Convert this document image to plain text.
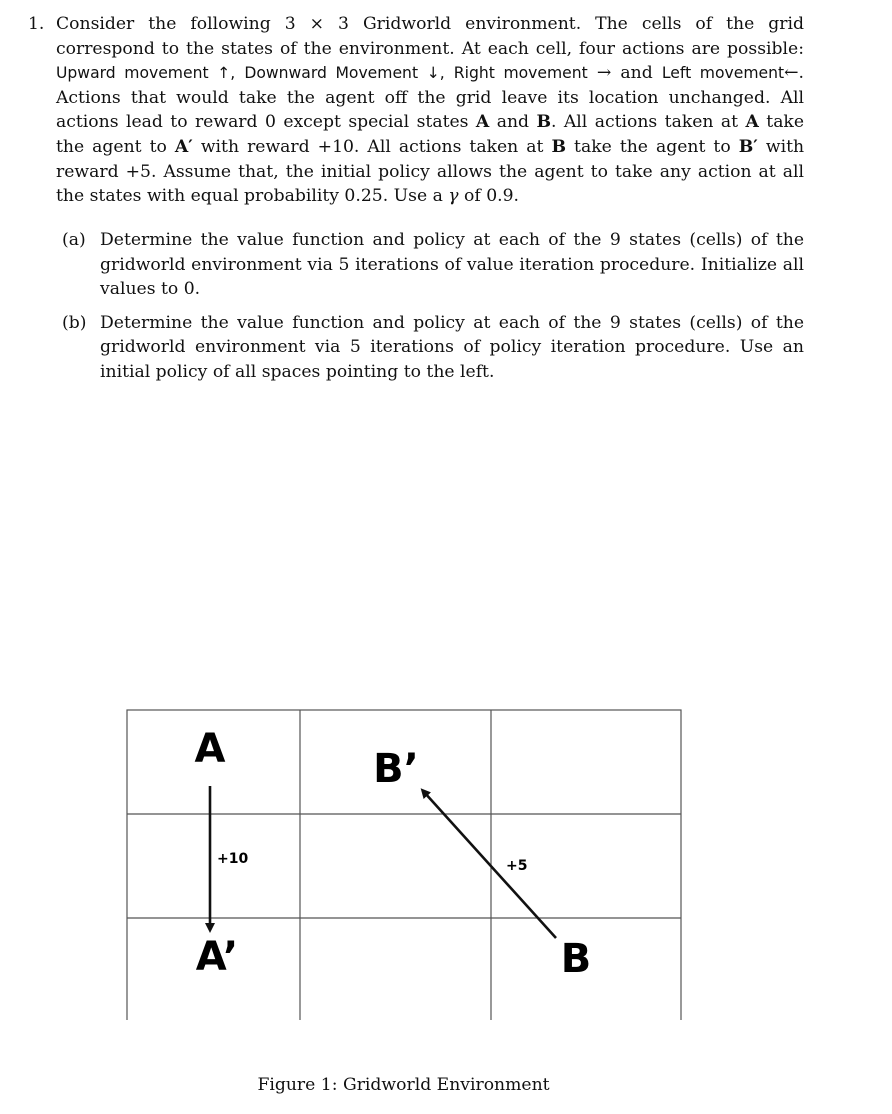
1. Consider the following 3 × 3 Gridworld environment. The cells of the grid correspond to the states of the environment. At each cell, four actions are possible: Upward movement ↑, Downward Movement ↓, Right movement → and Left movement←. Actions that would take the agent off the grid leave its location unchanged. All actions lead to reward 0 except special states A and B. All actions taken at A take the agent to A′ with reward +10. All actions taken at B take the agent to B′ with reward +5. Assume that, the initial policy allows the agent to take any action at all the states with equal probability 0.25. Use a γ of 0.9.
(a) Determine the value function and policy at each of the 9 states (cells) of the gridworld environment via 5 iterations of value iteration procedure. Initialize all values to 0.
(b) Determine the value function and policy at each of the 9 states (cells) of the gridworld environment via 5 iterations of policy iteration procedure. Use an initial policy of all spaces pointing to the left.
A	B’
A’	B
+10	+5
Figure 1: Gridworld Environment
